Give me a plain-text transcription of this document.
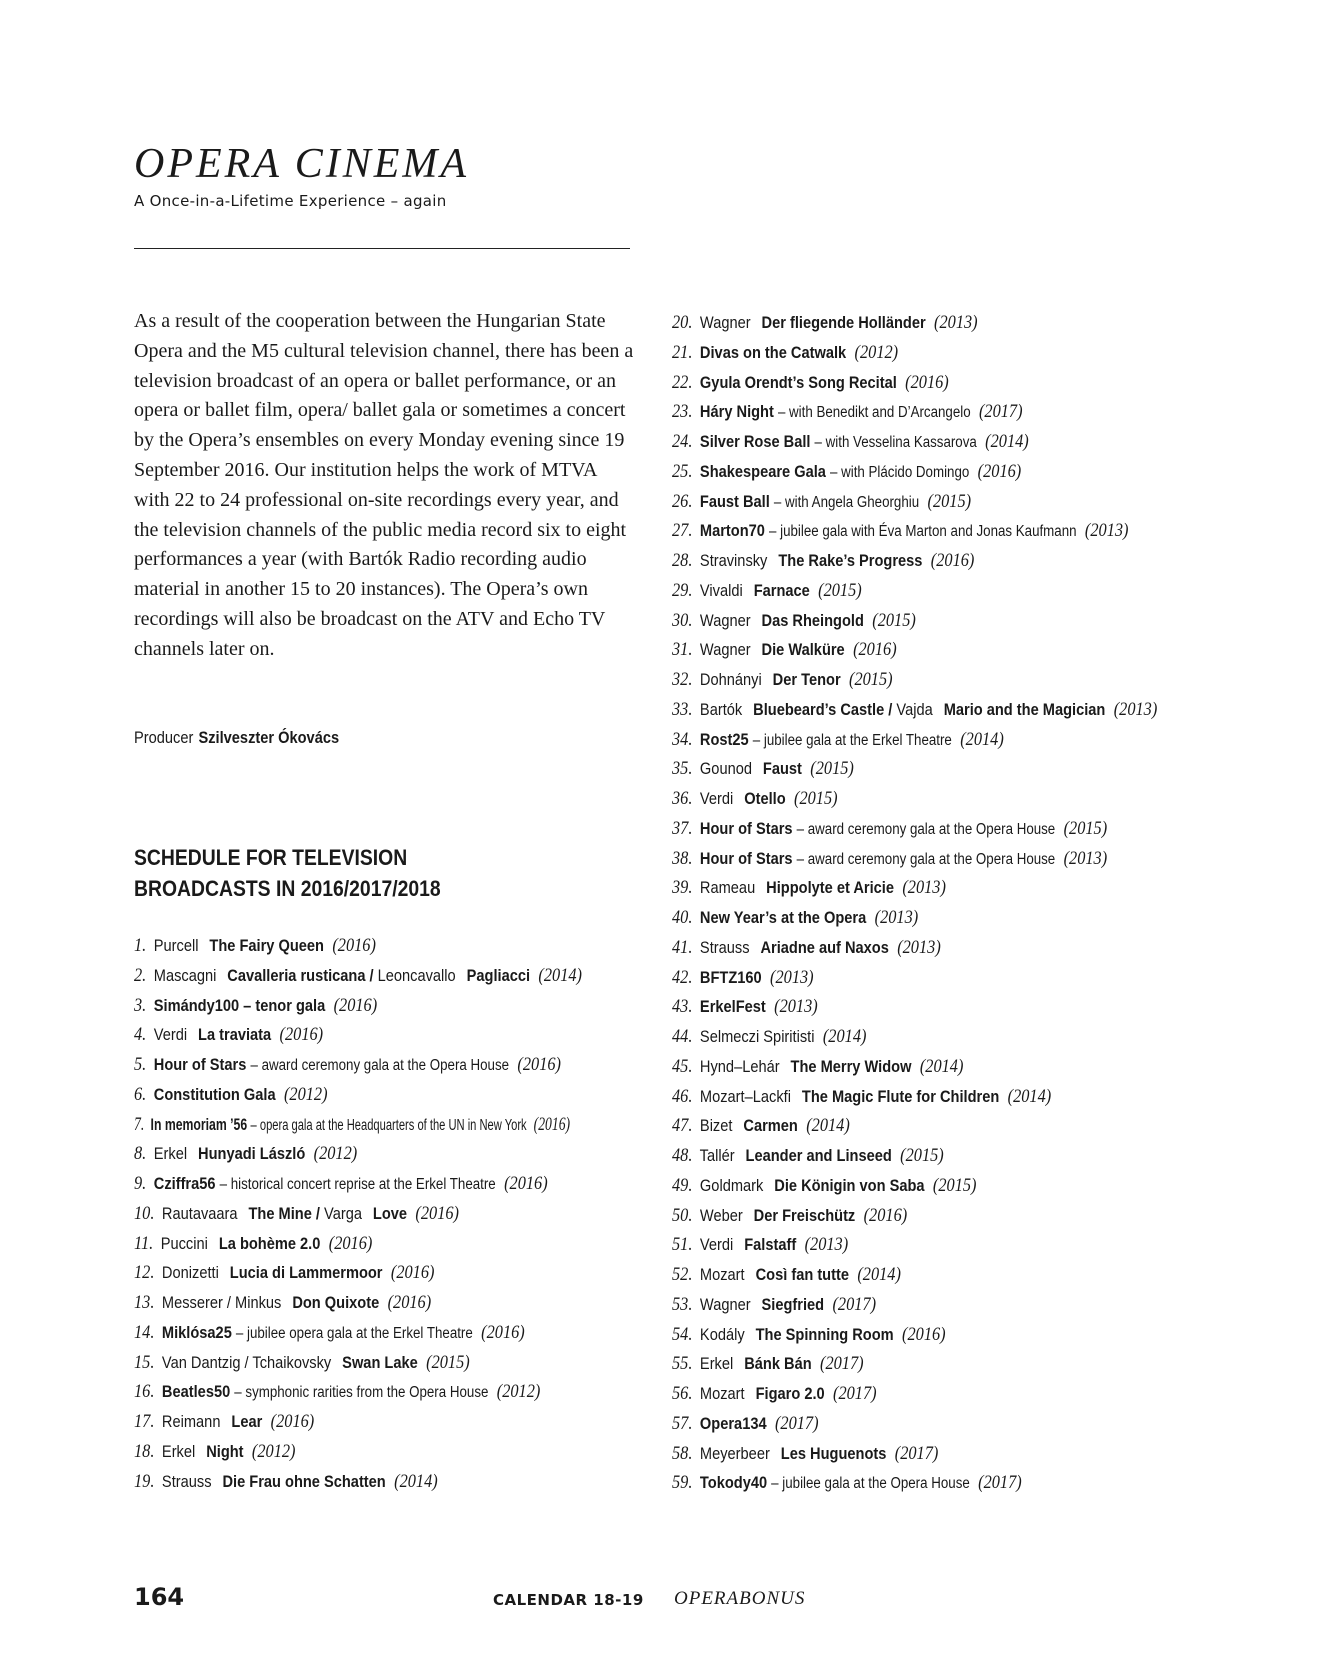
OPERA CINEMA
A Once-in-a-Lifetime Experience – again

As a result of the cooperation between the Hungarian State Opera and the M5 cultural television channel, there has been a television broadcast of an opera or ballet performance, or an opera or ballet film, opera/ ballet gala or sometimes a concert by the Opera’s ensembles on every Monday evening since 19 September 2016. Our institution helps the work of MTVA with 22 to 24 professional on-site recordings every year, and the television channels of the public media record six to eight performances a year (with Bartók Radio recording audio material in another 15 to 20 instances). The Opera’s own recordings will also be broadcast on the ATV and Echo TV channels later on.

Producer Szilveszter Ókovács
SCHEDULE FOR TELEVISION BROADCASTS IN 2016/2017/2018
1. Purcell The Fairy Queen (2016)
2. Mascagni Cavalleria rusticana / Leoncavallo Pagliacci (2014)
3. Simándy100 – tenor gala (2016)
4. Verdi La traviata (2016)
5. Hour of Stars – award ceremony gala at the Opera House (2016)
6. Constitution Gala (2012)
7. In memoriam ’56 – opera gala at the Headquarters of the UN in New York (2016)
8. Erkel Hunyadi László (2012)
9. Cziffra56 – historical concert reprise at the Erkel Theatre (2016)
10. Rautavaara The Mine / Varga Love (2016)
11. Puccini La bohème 2.0 (2016)
12. Donizetti Lucia di Lammermoor (2016)
13. Messerer / Minkus Don Quixote (2016)
14. Miklósa25 – jubilee opera gala at the Erkel Theatre (2016)
15. Van Dantzig / Tchaikovsky Swan Lake (2015)
16. Beatles50 – symphonic rarities from the Opera House (2012)
17. Reimann Lear (2016)
18. Erkel Night (2012)
19. Strauss Die Frau ohne Schatten (2014)
20. Wagner Der fliegende Holländer (2013)
21. Divas on the Catwalk (2012)
22. Gyula Orendt’s Song Recital (2016)
23. Háry Night – with Benedikt and D’Arcangelo (2017)
24. Silver Rose Ball – with Vesselina Kassarova (2014)
25. Shakespeare Gala – with Plácido Domingo (2016)
26. Faust Ball – with Angela Gheorghiu (2015)
27. Marton70 – jubilee gala with Éva Marton and Jonas Kaufmann (2013)
28. Stravinsky The Rake’s Progress (2016)
29. Vivaldi Farnace (2015)
30. Wagner Das Rheingold (2015)
31. Wagner Die Walküre (2016)
32. Dohnányi Der Tenor (2015)
33. Bartók Bluebeard’s Castle / Vajda Mario and the Magician (2013)
34. Rost25 – jubilee gala at the Erkel Theatre (2014)
35. Gounod Faust (2015)
36. Verdi Otello (2015)
37. Hour of Stars – award ceremony gala at the Opera House (2015)
38. Hour of Stars – award ceremony gala at the Opera House (2013)
39. Rameau Hippolyte et Aricie (2013)
40. New Year’s at the Opera (2013)
41. Strauss Ariadne auf Naxos (2013)
42. BFTZ160 (2013)
43. ErkelFest (2013)
44. Selmeczi Spiritisti (2014)
45. Hynd–Lehár The Merry Widow (2014)
46. Mozart–Lackfi The Magic Flute for Children (2014)
47. Bizet Carmen (2014)
48. Tallér Leander and Linseed (2015)
49. Goldmark Die Königin von Saba (2015)
50. Weber Der Freischütz (2016)
51. Verdi Falstaff (2013)
52. Mozart Così fan tutte (2014)
53. Wagner Siegfried (2017)
54. Kodály The Spinning Room (2016)
55. Erkel Bánk Bán (2017)
56. Mozart Figaro 2.0 (2017)
57. Opera134 (2017)
58. Meyerbeer Les Huguenots (2017)
59. Tokody40 – jubilee gala at the Opera House (2017)
164	CALENDAR 18-19 OPERABONUS
